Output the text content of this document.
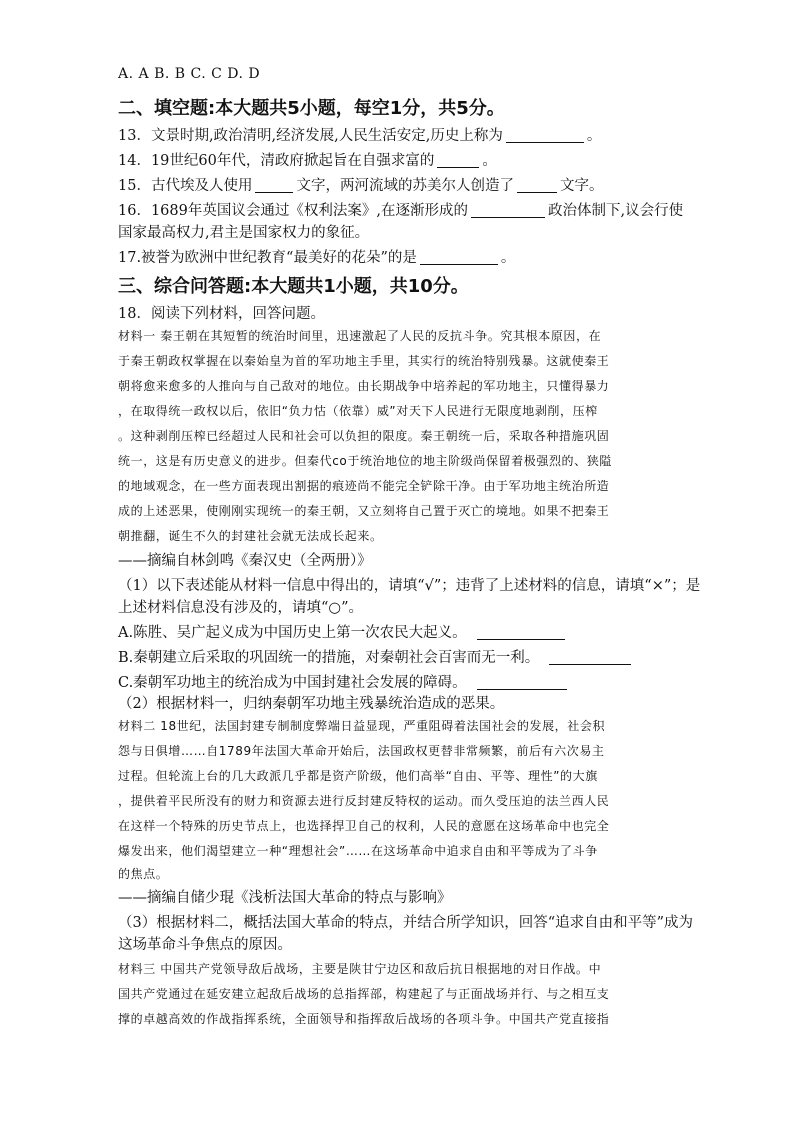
A. A B. B C. C D. D
二、填空题:本大题共5小题，每空1分，共5分。
13．文景时期,政治清明,经济发展,人民生活安定,历史上称为	。
14．19世纪60年代，清政府掀起旨在自强求富的	。
15．古代埃及人使用	文字，两河流域的苏美尔人创造了	文字。
16．1689年英国议会通过《权利法案》,在逐渐形成的	政治体制下,议会行使
国家最高权力,君主是国家权力的象征。
17.被誉为欧洲中世纪教育“最美好的花朵”的是	。
三、综合问答题:本大题共1小题，共10分。
18．阅读下列材料，回答问题。
材料一 秦王朝在其短暂的统治时间里，迅速激起了人民的反抗斗争。究其根本原因，在
于秦王朝政权掌握在以秦始皇为首的军功地主手里，其实行的统治特别残暴。这就使秦王
朝将愈来愈多的人推向与自己敌对的地位。由长期战争中培养起的军功地主，只懂得暴力
，在取得统一政权以后，依旧“负力怙（依靠）威”对天下人民进行无限度地剥削，压榨
。这种剥削压榨已经超过人民和社会可以负担的限度。秦王朝统一后，采取各种措施巩固
统一，这是有历史意义的进步。但秦代со于统治地位的地主阶级尚保留着极强烈的、狭隘
的地域观念，在一些方面表现出割据的痕迹尚不能完全铲除干净。由于军功地主统治所造
成的上述恶果，使刚刚实现统一的秦王朝，又立刻将自己置于灭亡的境地。如果不把秦王
朝推翻，诞生不久的封建社会就无法成长起来。
——摘编自林剑鸣《秦汉史（全两册）》
（1）以下表述能从材料一信息中得出的，请填“√”；违背了上述材料的信息，请填“×”；是
上述材料信息没有涉及的，请填“○”。
A.陈胜、吴广起义成为中国历史上第一次农民大起义。
B.秦朝建立后采取的巩固统一的措施，对秦朝社会百害而无一利。
C.秦朝军功地主的统治成为中国封建社会发展的障碍。
（2）根据材料一，归纳秦朝军功地主残暴统治造成的恶果。
材料二 18世纪，法国封建专制制度弊端日益显现，严重阻碍着法国社会的发展，社会积
怨与日俱增……自1789年法国大革命开始后，法国政权更替非常频繁，前后有六次易主
过程。但轮流上台的几大政派几乎都是资产阶级，他们高举“自由、平等、理性”的大旗
，提供着平民所没有的财力和资源去进行反封建反特权的运动。而久受压迫的法兰西人民
在这样一个特殊的历史节点上，也选择捍卫自己的权利，人民的意愿在这场革命中也完全
爆发出来，他们渴望建立一种“理想社会”……在这场革命中追求自由和平等成为了斗争
的焦点。
——摘编自储少琨《浅析法国大革命的特点与影响》
（3）根据材料二，概括法国大革命的特点，并结合所学知识，回答“追求自由和平等”成为
这场革命斗争焦点的原因。
材料三 中国共产党领导敌后战场，主要是陕甘宁边区和敌后抗日根据地的对日作战。中
国共产党通过在延安建立起敌后战场的总指挥部，构建起了与正面战场并行、与之相互支
撑的卓越高效的作战指挥系统，全面领导和指挥敌后战场的各项斗争。中国共产党直接指
